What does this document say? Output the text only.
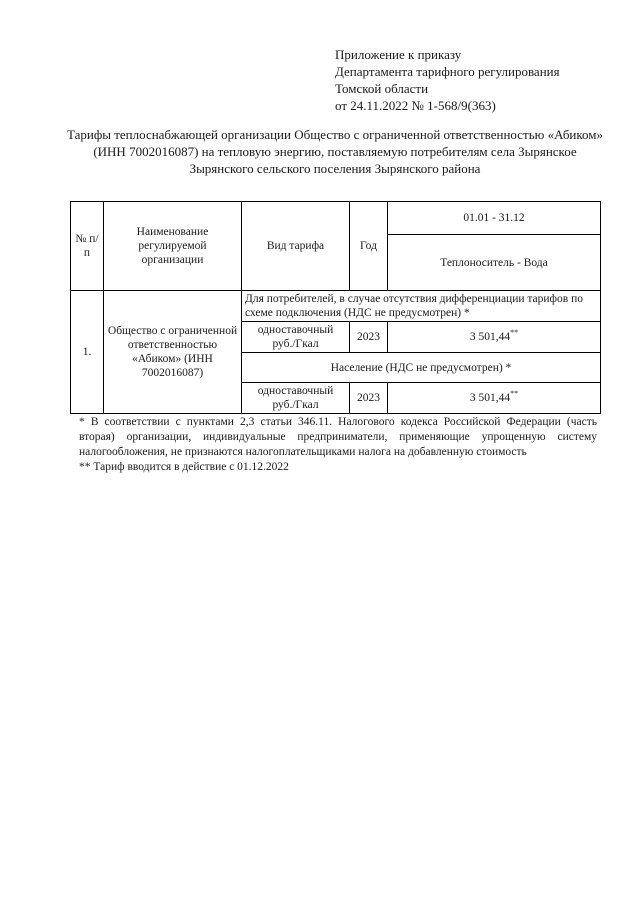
Приложение к приказу
Департамента тарифного регулирования
Томской области
от 24.11.2022 № 1-568/9(363)
Тарифы теплоснабжающей организации Общество с ограниченной ответственностью «Абиком» (ИНН 7002016087) на тепловую энергию, поставляемую потребителям села Зырянское Зырянского сельского поселения Зырянского района
№ п/п	Наименование регулируемой организации	Вид тарифа	Год	01.01 - 31.12
				Теплоноситель - Вода
1.	Общество с ограниченной ответственностью «Абиком» (ИНН 7002016087)	Для потребителей, в случае отсутствия дифференциации тарифов по схеме подключения (НДС не предусмотрен) *		
		одноставочный руб./Гкал	2023	3 501,44**
		Население (НДС не предусмотрен) *		
		одноставочный руб./Гкал	2023	3 501,44**
* В соответствии с пунктами 2,3 статьи 346.11. Налогового кодекса Российской Федерации (часть вторая) организации, индивидуальные предприниматели, применяющие упрощенную систему налогообложения, не признаются налогоплательщиками налога на добавленную стоимость
** Тариф вводится в действие с 01.12.2022
